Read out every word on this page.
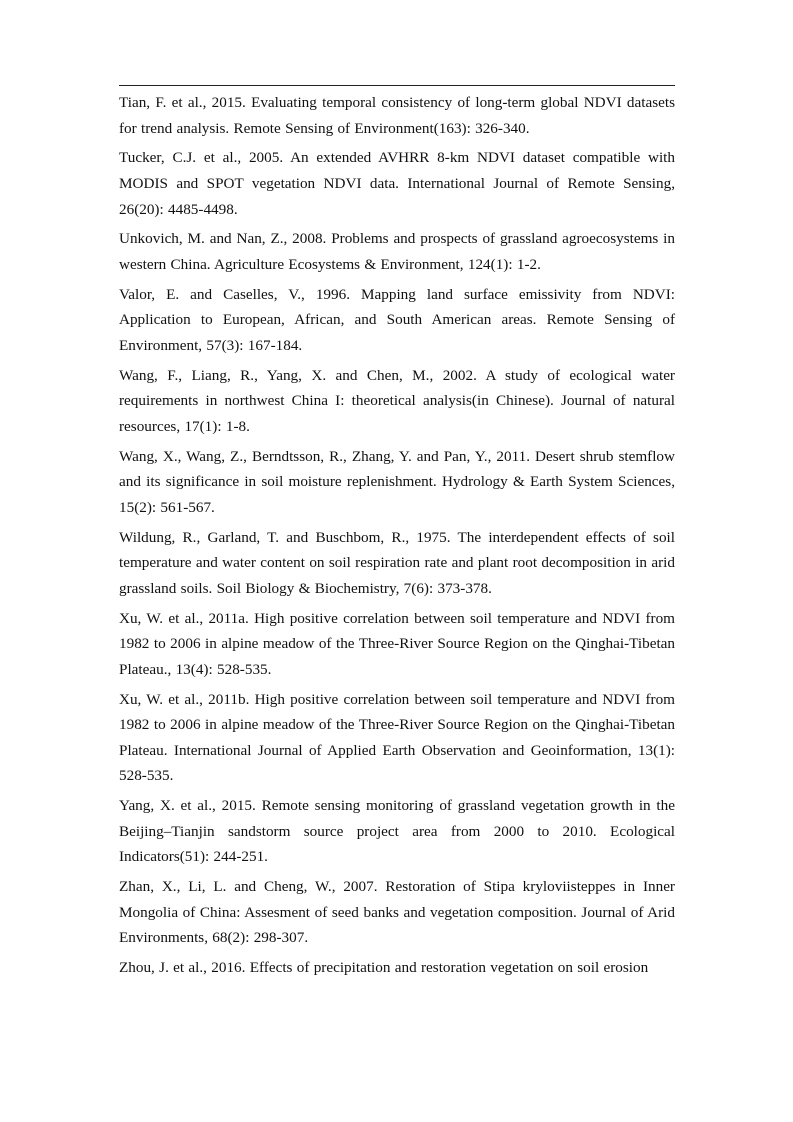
Tian, F. et al., 2015. Evaluating temporal consistency of long-term global NDVI datasets for trend analysis. Remote Sensing of Environment(163): 326-340.
Tucker, C.J. et al., 2005. An extended AVHRR 8‐km NDVI dataset compatible with MODIS and SPOT vegetation NDVI data. International Journal of Remote Sensing, 26(20): 4485-4498.
Unkovich, M. and Nan, Z., 2008. Problems and prospects of grassland agroecosystems in western China. Agriculture Ecosystems & Environment, 124(1): 1-2.
Valor, E. and Caselles, V., 1996. Mapping land surface emissivity from NDVI: Application to European, African, and South American areas. Remote Sensing of Environment, 57(3): 167-184.
Wang, F., Liang, R., Yang, X. and Chen, M., 2002. A study of ecological water requirements in northwest China I: theoretical analysis(in Chinese). Journal of natural resources, 17(1): 1-8.
Wang, X., Wang, Z., Berndtsson, R., Zhang, Y. and Pan, Y., 2011. Desert shrub stemflow and its significance in soil moisture replenishment. Hydrology & Earth System Sciences, 15(2): 561-567.
Wildung, R., Garland, T. and Buschbom, R., 1975. The interdependent effects of soil temperature and water content on soil respiration rate and plant root decomposition in arid grassland soils. Soil Biology & Biochemistry, 7(6): 373-378.
Xu, W. et al., 2011a. High positive correlation between soil temperature and NDVI from 1982 to 2006 in alpine meadow of the Three-River Source Region on the Qinghai-Tibetan Plateau., 13(4): 528-535.
Xu, W. et al., 2011b. High positive correlation between soil temperature and NDVI from 1982 to 2006 in alpine meadow of the Three-River Source Region on the Qinghai-Tibetan Plateau. International Journal of Applied Earth Observation and Geoinformation, 13(1): 528-535.
Yang, X. et al., 2015. Remote sensing monitoring of grassland vegetation growth in the Beijing–Tianjin sandstorm source project area from 2000 to 2010. Ecological Indicators(51): 244-251.
Zhan, X., Li, L. and Cheng, W., 2007. Restoration of Stipa kryloviisteppes in Inner Mongolia of China: Assesment of seed banks and vegetation composition. Journal of Arid Environments, 68(2): 298-307.
Zhou, J. et al., 2016. Effects of precipitation and restoration vegetation on soil erosion
